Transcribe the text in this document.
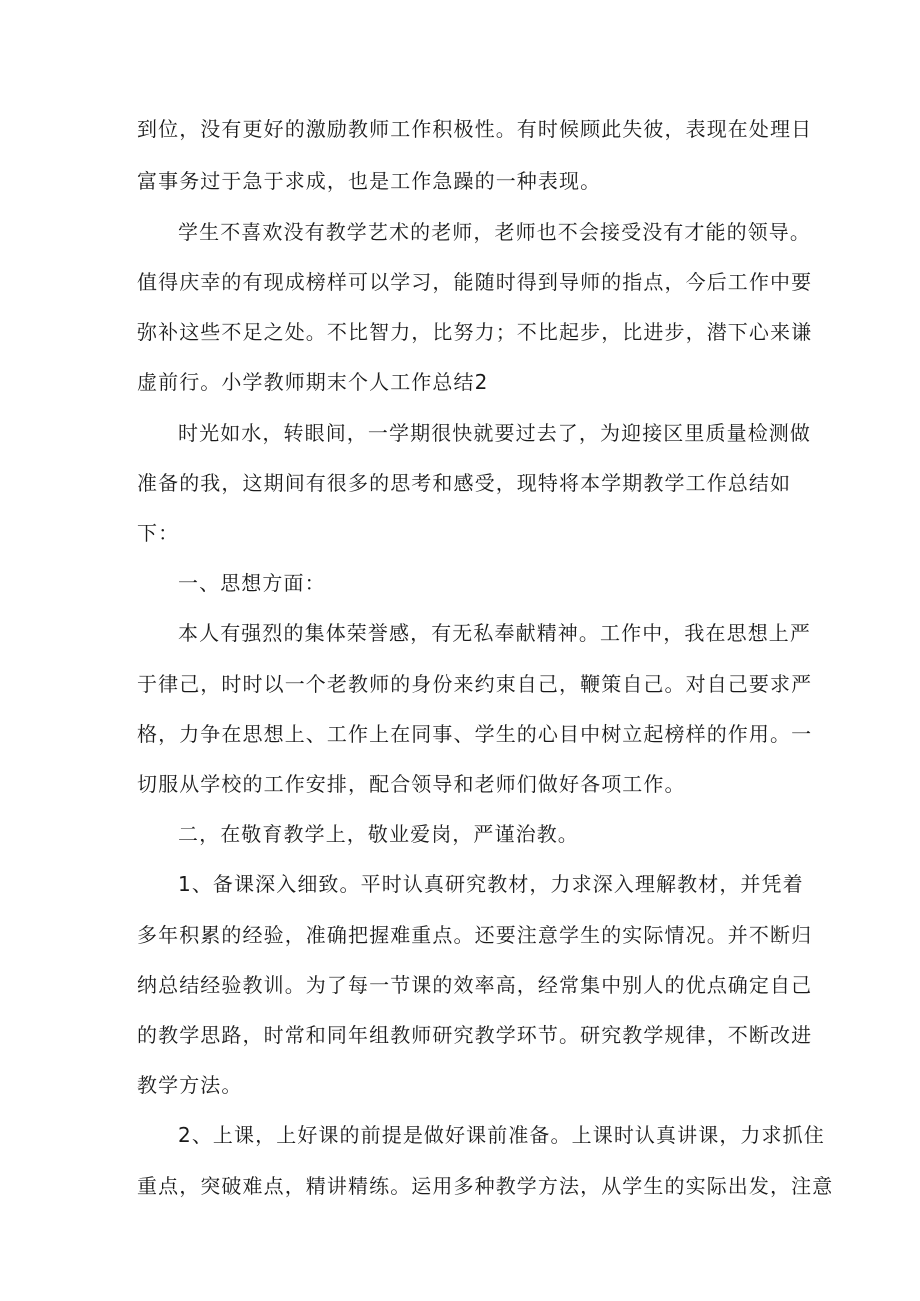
到位，没有更好的激励教师工作积极性。有时候顾此失彼，表现在处理日
富事务过于急于求成，也是工作急躁的一种表现。
学生不喜欢没有教学艺术的老师，老师也不会接受没有才能的领导。
值得庆幸的有现成榜样可以学习，能随时得到导师的指点，今后工作中要
弥补这些不足之处。不比智力，比努力；不比起步，比进步，潜下心来谦
虚前行。小学教师期末个人工作总结2
时光如水，转眼间，一学期很快就要过去了，为迎接区里质量检测做
准备的我，这期间有很多的思考和感受，现特将本学期教学工作总结如
下：
一、思想方面：
本人有强烈的集体荣誉感，有无私奉献精神。工作中，我在思想上严
于律己，时时以一个老教师的身份来约束自己，鞭策自己。对自己要求严
格，力争在思想上、工作上在同事、学生的心目中树立起榜样的作用。一
切服从学校的工作安排，配合领导和老师们做好各项工作。
二，在敬育教学上，敬业爱岗，严谨治教。
1、备课深入细致。平时认真研究教材，力求深入理解教材，并凭着
多年积累的经验，准确把握难重点。还要注意学生的实际情况。并不断归
纳总结经验教训。为了每一节课的效率高，经常集中别人的优点确定自己
的教学思路，时常和同年组教师研究教学环节。研究教学规律，不断改进
教学方法。
2、上课，上好课的前提是做好课前准备。上课时认真讲课，力求抓住
重点，突破难点，精讲精练。运用多种教学方法，从学生的实际出发，注意
